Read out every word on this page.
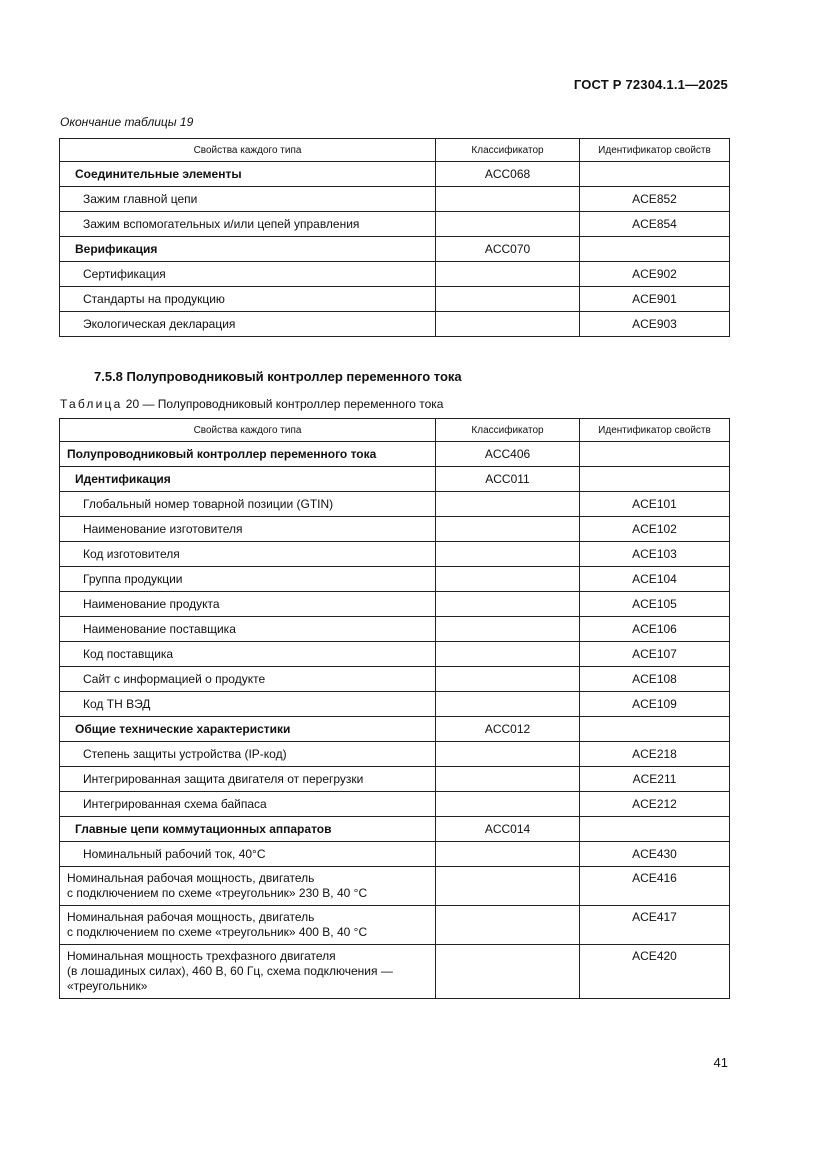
ГОСТ Р 72304.1.1—2025
Окончание таблицы 19
Свойства каждого типа	Классификатор	Идентификатор свойств
Соединительные элементы	ACC068	
Зажим главной цепи		ACE852
Зажим вспомогательных и/или цепей управления		ACE854
Верификация	ACC070	
Сертификация		ACE902
Стандарты на продукцию		ACE901
Экологическая декларация		ACE903
7.5.8 Полупроводниковый контроллер переменного тока
Таблица 20 — Полупроводниковый контроллер переменного тока
Свойства каждого типа	Классификатор	Идентификатор свойств
Полупроводниковый контроллер переменного тока	ACC406	
Идентификация	ACC011	
Глобальный номер товарной позиции (GTIN)		ACE101
Наименование изготовителя		ACE102
Код изготовителя		ACE103
Группа продукции		ACE104
Наименование продукта		ACE105
Наименование поставщика		ACE106
Код поставщика		ACE107
Сайт с информацией о продукте		ACE108
Код ТН ВЭД		ACE109
Общие технические характеристики	ACC012	
Степень защиты устройства (IP-код)		ACE218
Интегрированная защита двигателя от перегрузки		ACE211
Интегрированная схема байпаса		ACE212
Главные цепи коммутационных аппаратов	ACC014	
Номинальный рабочий ток, 40°C		ACE430
Номинальная рабочая мощность, двигатель
с подключением по схеме «треугольник» 230 В, 40 °C		ACE416
Номинальная рабочая мощность, двигатель
с подключением по схеме «треугольник» 400 В, 40 °C		ACE417
Номинальная мощность трехфазного двигателя
(в лошадиных силах), 460 В, 60 Гц, схема подключения —
«треугольник»		ACE420
41
